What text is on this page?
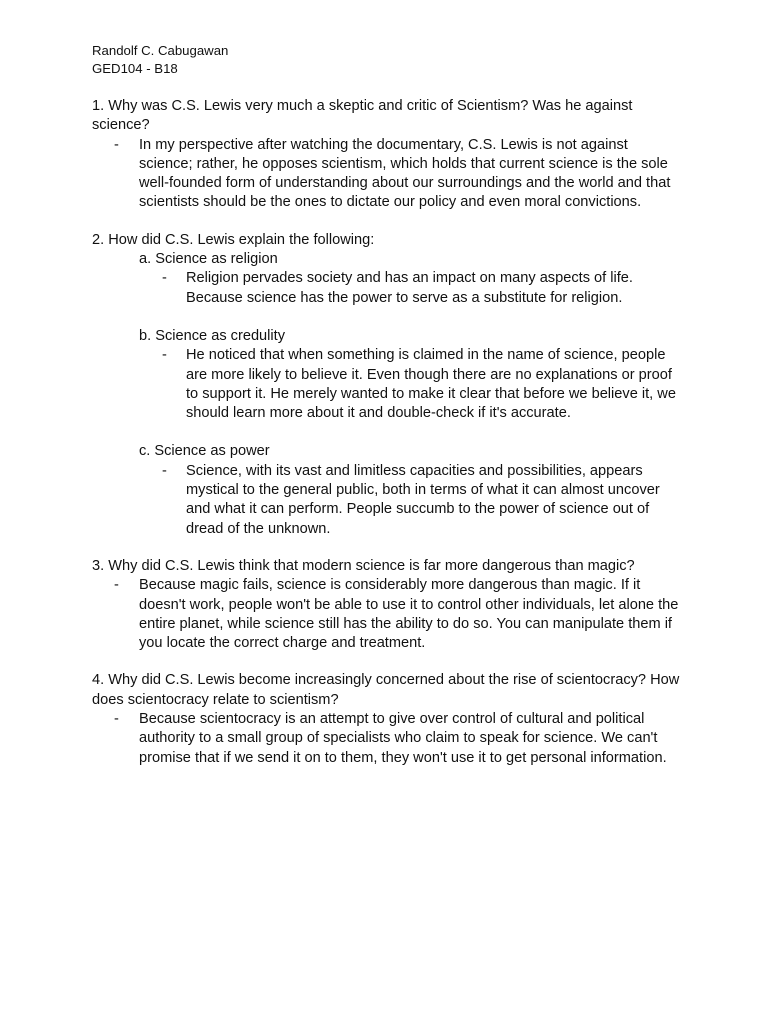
Randolf C. Cabugawan
GED104 - B18
1. Why was C.S. Lewis very much a skeptic and critic of Scientism? Was he against science?
- In my perspective after watching the documentary, C.S. Lewis is not against science; rather, he opposes scientism, which holds that current science is the sole well-founded form of understanding about our surroundings and the world and that scientists should be the ones to dictate our policy and even moral convictions.
2. How did C.S. Lewis explain the following:
a. Science as religion
- Religion pervades society and has an impact on many aspects of life. Because science has the power to serve as a substitute for religion.
b. Science as credulity
- He noticed that when something is claimed in the name of science, people are more likely to believe it. Even though there are no explanations or proof to support it. He merely wanted to make it clear that before we believe it, we should learn more about it and double-check if it's accurate.
c. Science as power
- Science, with its vast and limitless capacities and possibilities, appears mystical to the general public, both in terms of what it can almost uncover and what it can perform. People succumb to the power of science out of dread of the unknown.
3. Why did C.S. Lewis think that modern science is far more dangerous than magic?
- Because magic fails, science is considerably more dangerous than magic. If it doesn't work, people won't be able to use it to control other individuals, let alone the entire planet, while science still has the ability to do so. You can manipulate them if you locate the correct charge and treatment.
4. Why did C.S. Lewis become increasingly concerned about the rise of scientocracy? How does scientocracy relate to scientism?
- Because scientocracy is an attempt to give over control of cultural and political authority to a small group of specialists who claim to speak for science. We can't promise that if we send it on to them, they won't use it to get personal information.
